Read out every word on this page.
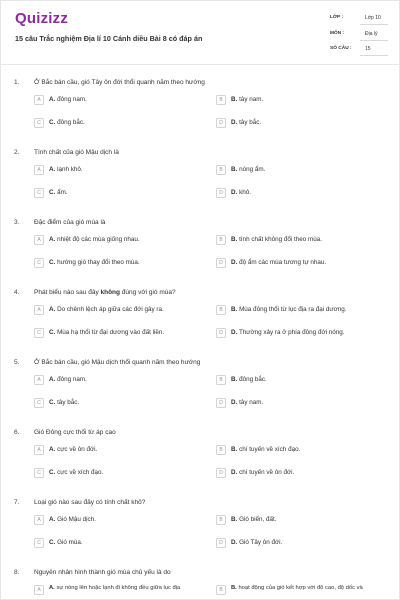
Quizizz
15 câu Trắc nghiệm Địa lí 10 Cánh diều Bài 8 có đáp án
LỚP :	Lớp 10
MÔN :	Địa lý
SỐ CÂU :	15
1. Ở Bắc bán cầu, gió Tây ôn đới thổi quanh năm theo hướng
A	A. đông nam.	B	B. tây nam.
C	C. đông bắc.	D	D. tây bắc.
2. Tính chất của gió Mậu dịch là
A	A. lạnh khô.	B	B. nóng ẩm.
C	C. ẩm.	D	D. khô.
3. Đặc điểm của gió mùa là
A	A. nhiệt độ các mùa giống nhau.	B	B. tính chất không đổi theo mùa.
C	C. hướng gió thay đổi theo mùa.	D	D. độ ẩm các mùa tương tự nhau.
4. Phát biểu nào sau đây không đúng với gió mùa?
A	A. Do chênh lệch áp giữa các đới gây ra.	B	B. Mùa đông thổi từ lục địa ra đại dương.
C	C. Mùa hạ thổi từ đại dương vào đất liền.	D	D. Thường xảy ra ở phía đông đới nóng.
5. Ở Bắc bán cầu, gió Mậu dịch thổi quanh năm theo hướng
A	A. đông nam.	B	B. đông bắc.
C	C. tây bắc.	D	D. tây nam.
6. Gió Đông cực thổi từ áp cao
A	A. cực về ôn đới.	B	B. chí tuyến về xích đạo.
C	C. cực về xích đạo.	D	D. chí tuyến về ôn đới.
7. Loại gió nào sau đây có tính chất khô?
A	A. Gió Mậu dịch.	B	B. Gió biển, đất.
C	C. Gió mùa.	D	D. Gió Tây ôn đới.
8. Nguyên nhân hình thành gió mùa chủ yếu là do
A	A. sự nóng lên hoặc lạnh đi không đều giữa lục địa	B	B. hoạt động của gió kết hợp với độ cao, độ dốc và
